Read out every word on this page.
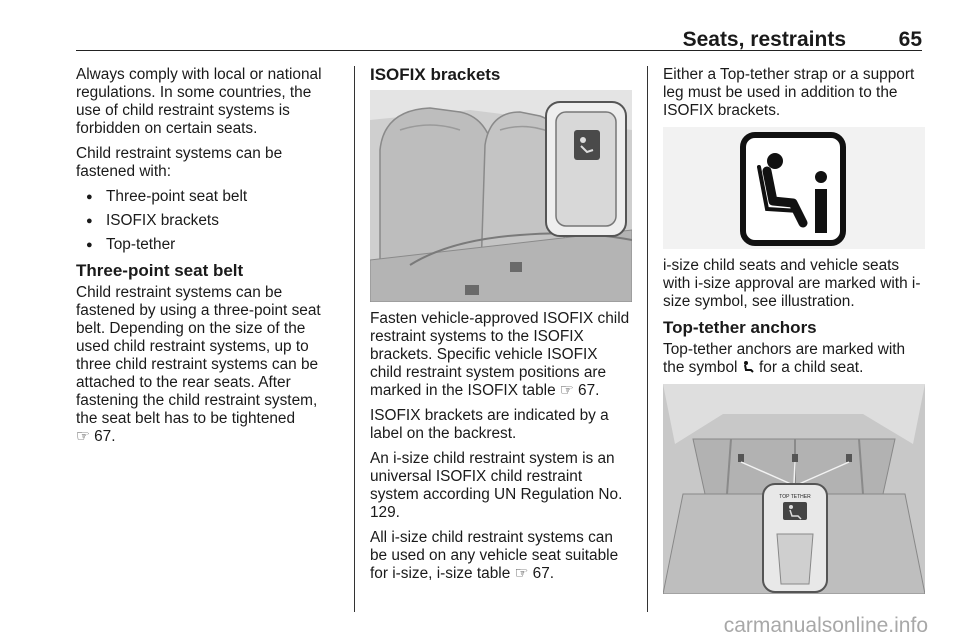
Seats, restraints	65

Always comply with local or national regulations. In some countries, the use of child restraint systems is forbidden on certain seats.

Child restraint systems can be fastened with:

● Three-point seat belt
● ISOFIX brackets
● Top-tether
Three-point seat belt

Child restraint systems can be fastened by using a three-point seat belt. Depending on the size of the used child restraint systems, up to three child restraint systems can be attached to the rear seats. After fastening the child restraint system, the seat belt has to be tightened
☞ 67.

ISOFIX brackets

Fasten vehicle-approved ISOFIX child restraint systems to the ISOFIX brackets. Specific vehicle ISOFIX child restraint system positions are marked in the ISOFIX table ☞ 67.

ISOFIX brackets are indicated by a label on the backrest.

An i-size child restraint system is an universal ISOFIX child restraint system according UN Regulation No. 129.

All i-size child restraint systems can be used on any vehicle seat suitable for i-size, i-size table ☞ 67.

Either a Top-tether strap or a support leg must be used in addition to the ISOFIX brackets.

i-size child seats and vehicle seats with i-size approval are marked with i-size symbol, see illustration.

Top-tether anchors

Top-tether anchors are marked with the symbol for a child seat.

TOP TETHER
carmanualsonline.info
